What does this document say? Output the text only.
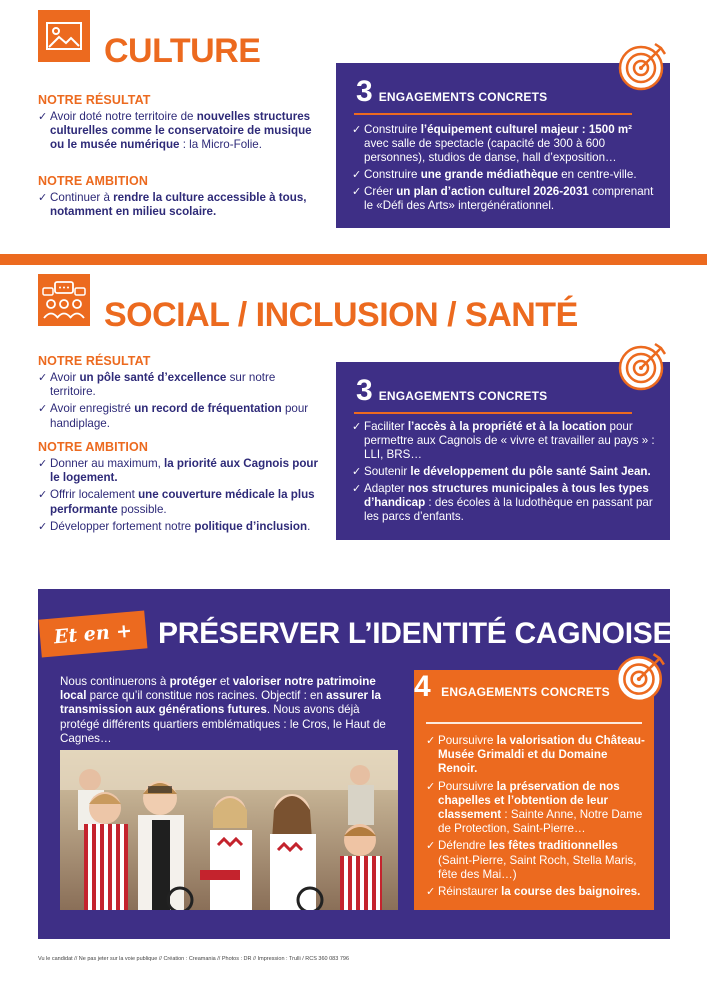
CULTURE
NOTRE RÉSULTAT
✓ Avoir doté notre territoire de nouvelles structures culturelles comme le conservatoire de musique ou le musée numérique : la Micro-Folie.
NOTRE AMBITION
✓ Continuer à rendre la culture accessible à tous, notamment en milieu scolaire.
3 ENGAGEMENTS CONCRETS
✓ Construire l’équipement culturel majeur : 1500 m² avec salle de spectacle (capacité de 300 à 600 personnes), studios de danse, hall d’exposition…
✓ Construire une grande médiathèque en centre-ville.
✓ Créer un plan d’action culturel 2026-2031 comprenant le «Défi des Arts» intergénérationnel.
SOCIAL / INCLUSION / SANTÉ
NOTRE RÉSULTAT
✓ Avoir un pôle santé d’excellence sur notre territoire.
✓ Avoir enregistré un record de fréquentation pour handiplage.
NOTRE AMBITION
✓ Donner au maximum, la priorité aux Cagnois pour le logement.
✓ Offrir localement une couverture médicale la plus performante possible.
✓ Développer fortement notre politique d’inclusion.
3 ENGAGEMENTS CONCRETS
✓ Faciliter l’accès à la propriété et à la location pour permettre aux Cagnois de « vivre et travailler au pays » : LLI, BRS…
✓ Soutenir le développement du pôle santé Saint Jean.
✓ Adapter nos structures municipales à tous les types d’handicap : des écoles à la ludothèque en passant par les parcs d’enfants.
Et en + PRÉSERVER L’IDENTITÉ CAGNOISE
Nous continuerons à protéger et valoriser notre patrimoine local parce qu’il constitue nos racines. Objectif : en assurer la transmission aux générations futures. Nous avons déjà protégé différents quartiers emblématiques : le Cros, le Haut de Cagnes…
4 ENGAGEMENTS CONCRETS
✓ Poursuivre la valorisation du Château-Musée Grimaldi et du Domaine Renoir.
✓ Poursuivre la préservation de nos chapelles et l’obtention de leur classement : Sainte Anne, Notre Dame de Protection, Saint-Pierre…
✓ Défendre les fêtes traditionnelles (Saint-Pierre, Saint Roch, Stella Maris, fête des Mai…)
✓ Réinstaurer la course des baignoires.
Vu le candidat // Ne pas jeter sur la voie publique // Création : Creamania // Photos : DR // Impression : Trulli / RCS 360 083 796
